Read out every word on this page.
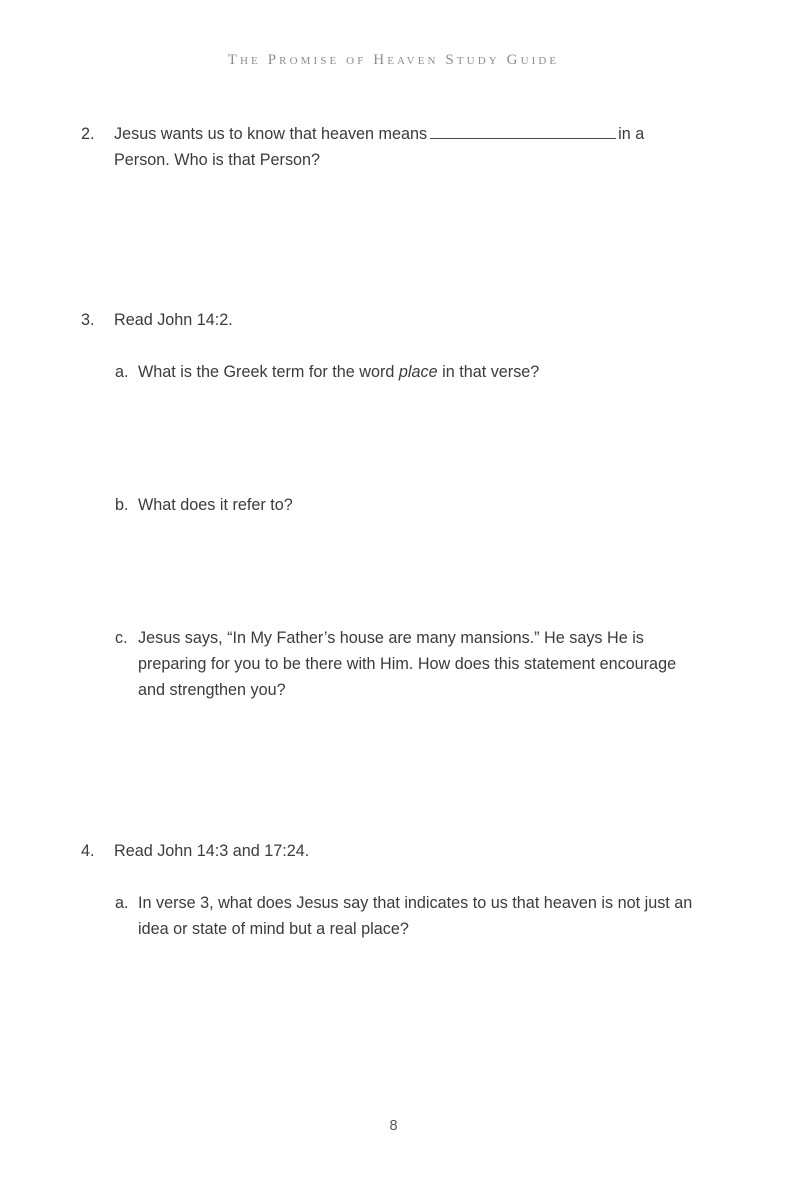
The Promise of Heaven Study Guide
2.	Jesus wants us to know that heaven means	in a Person. Who is that Person?
3.	Read John 14:2.
a. What is the Greek term for the word place in that verse?
b. What does it refer to?
c. Jesus says, “In My Father’s house are many mansions.” He says He is preparing for you to be there with Him. How does this statement encourage and strengthen you?
4.	Read John 14:3 and 17:24.
a. In verse 3, what does Jesus say that indicates to us that heaven is not just an idea or state of mind but a real place?
8
